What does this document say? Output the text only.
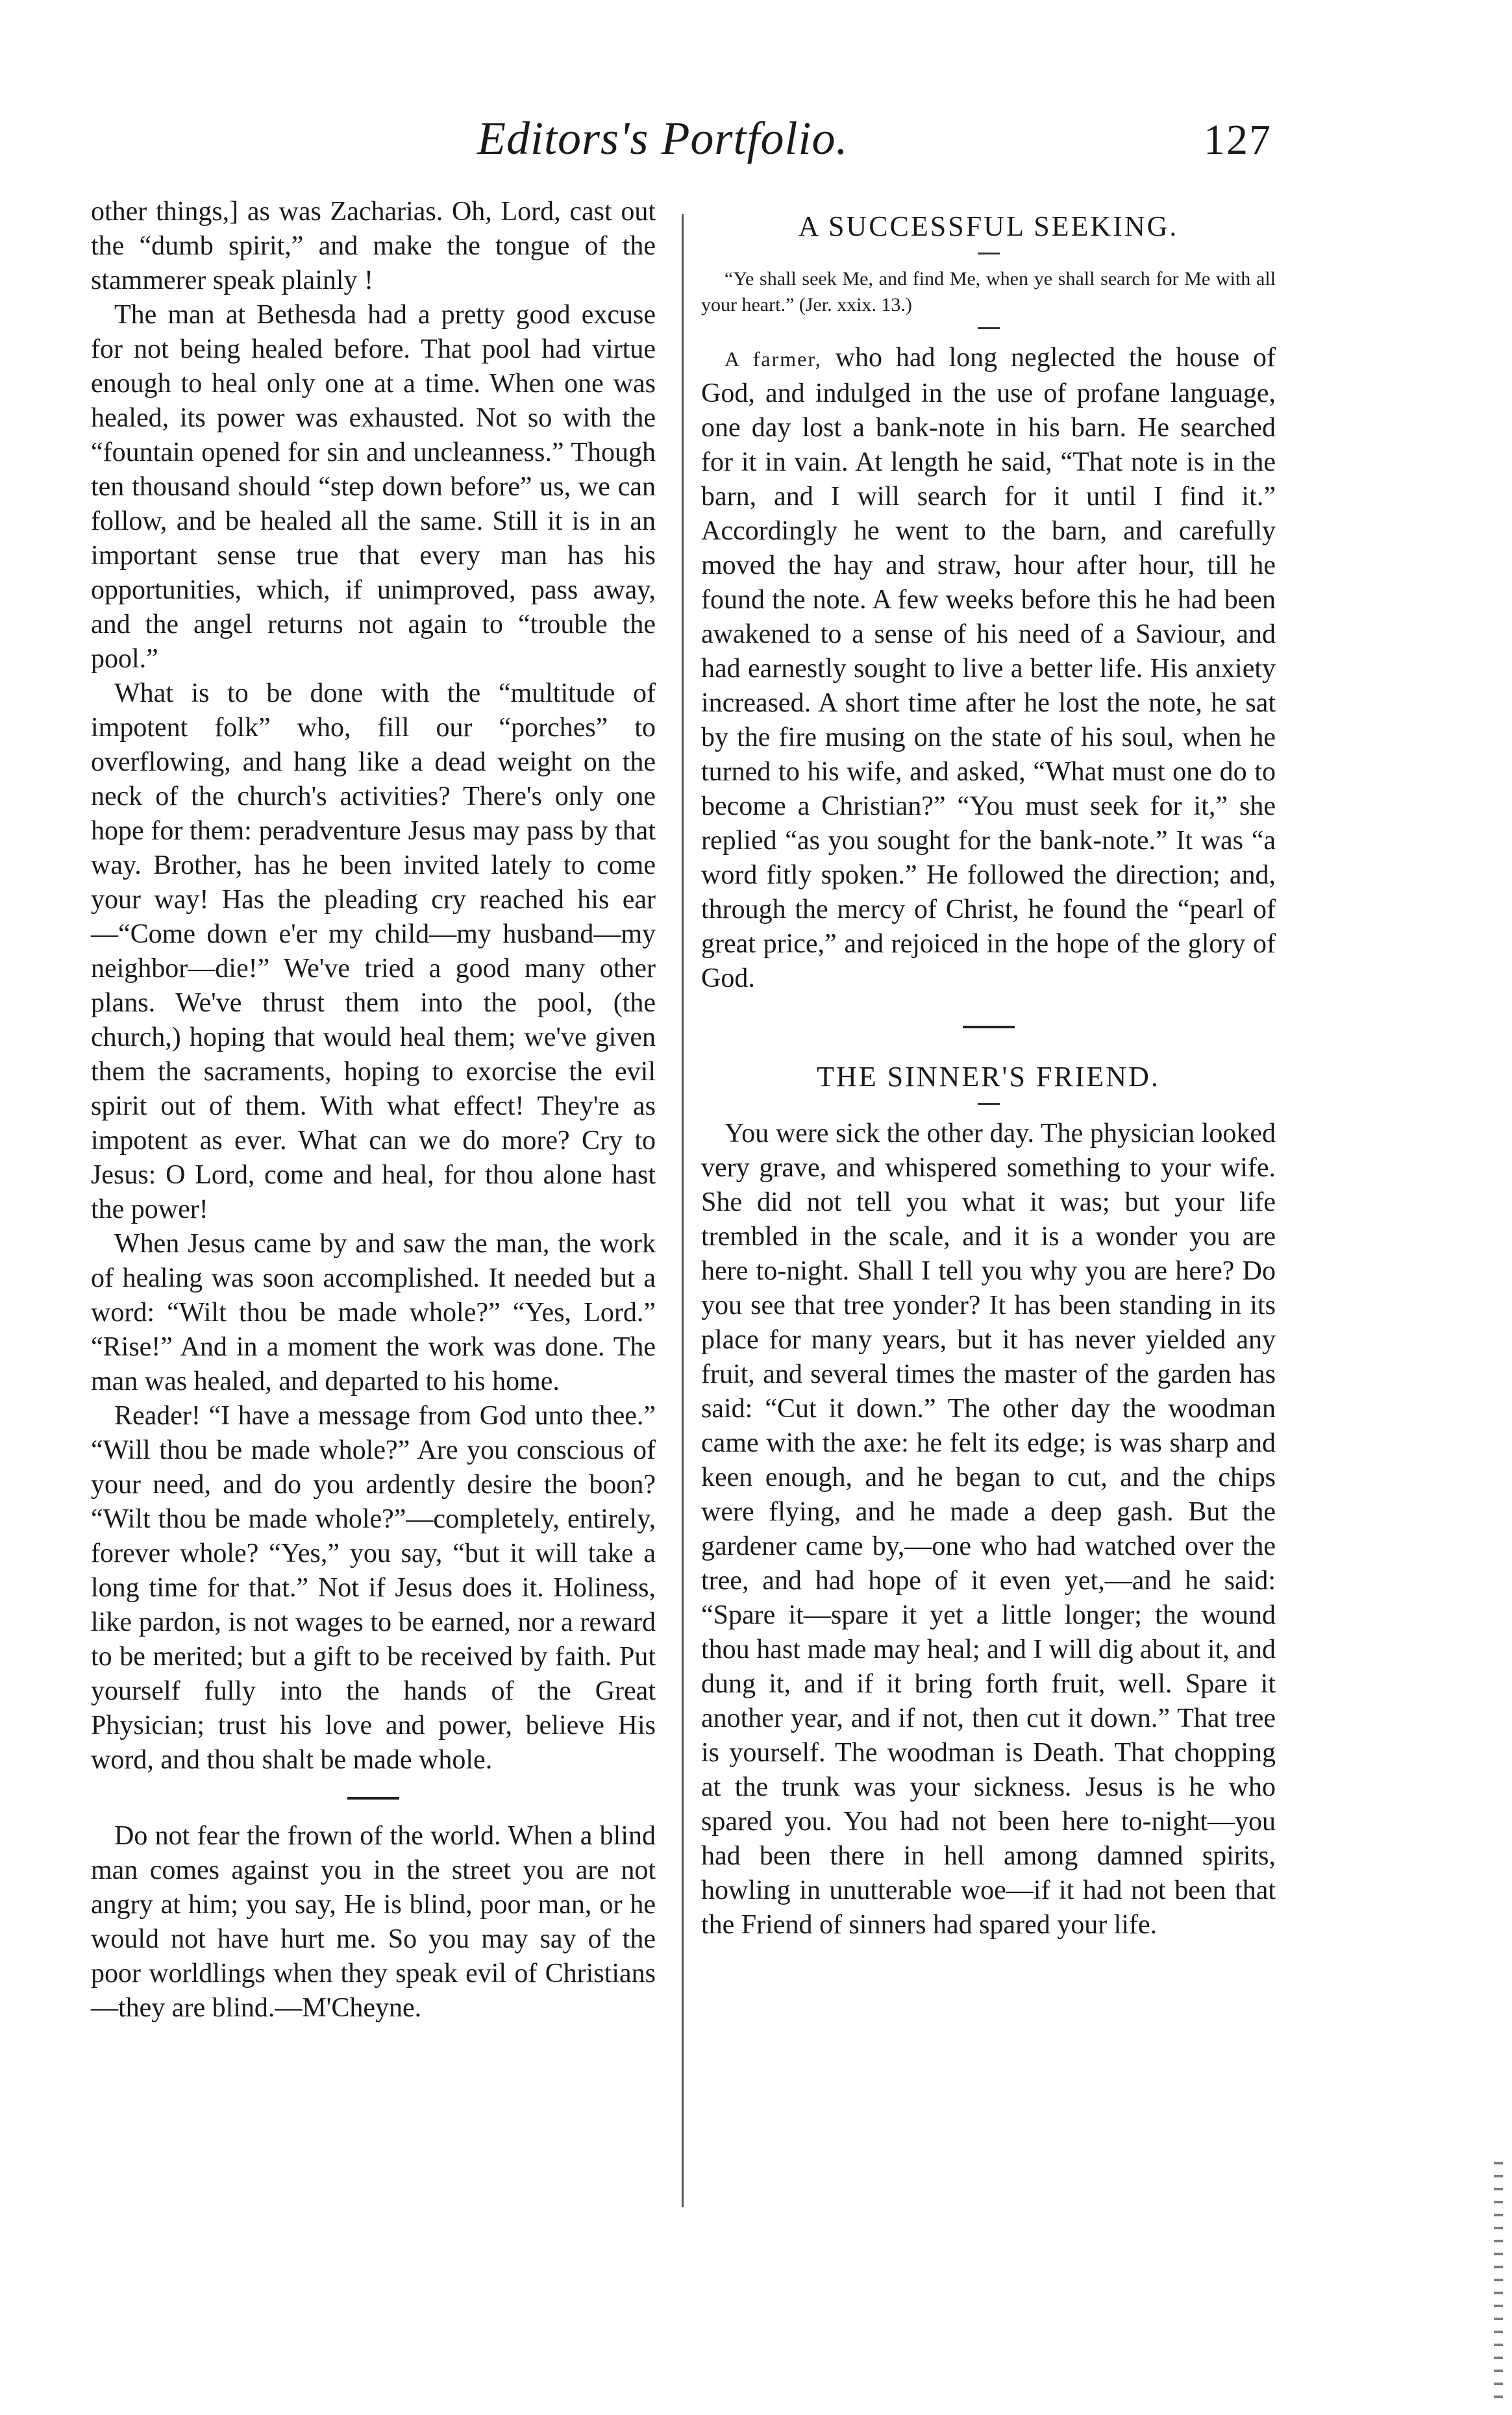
Editors's Portfolio.	127

other things,] as was Zacharias. Oh, Lord, cast out the “dumb spirit,” and make the tongue of the stammerer speak plainly !

The man at Bethesda had a pretty good excuse for not being healed before. That pool had virtue enough to heal only one at a time. When one was healed, its power was exhausted. Not so with the “fountain opened for sin and uncleanness.” Though ten thousand should “step down before” us, we can follow, and be healed all the same. Still it is in an important sense true that every man has his opportunities, which, if unimproved, pass away, and the angel returns not again to “trouble the pool.”

What is to be done with the “multitude of impotent folk” who, fill our “porches” to overflowing, and hang like a dead weight on the neck of the church's activities? There's only one hope for them: peradventure Jesus may pass by that way. Brother, has he been invited lately to come your way! Has the pleading cry reached his ear—“Come down e'er my child—my husband—my neighbor—die!” We've tried a good many other plans. We've thrust them into the pool, (the church,) hoping that would heal them; we've given them the sacraments, hoping to exorcise the evil spirit out of them. With what effect! They're as impotent as ever. What can we do more? Cry to Jesus: O Lord, come and heal, for thou alone hast the power!

When Jesus came by and saw the man, the work of healing was soon accomplished. It needed but a word: “Wilt thou be made whole?” “Yes, Lord.” “Rise!” And in a moment the work was done. The man was healed, and departed to his home.

Reader! “I have a message from God unto thee.” “Will thou be made whole?” Are you conscious of your need, and do you ardently desire the boon? “Wilt thou be made whole?”—completely, entirely, forever whole? “Yes,” you say, “but it will take a long time for that.” Not if Jesus does it. Holiness, like pardon, is not wages to be earned, nor a reward to be merited; but a gift to be received by faith. Put yourself fully into the hands of the Great Physician; trust his love and power, believe His word, and thou shalt be made whole.

Do not fear the frown of the world. When a blind man comes against you in the street you are not angry at him; you say, He is blind, poor man, or he would not have hurt me. So you may say of the poor worldlings when they speak evil of Christians—they are blind.—M'Cheyne.

A SUCCESSFUL SEEKING.

“Ye shall seek Me, and find Me, when ye shall search for Me with all your heart.” (Jer. xxix. 13.)

A farmer, who had long neglected the house of God, and indulged in the use of profane language, one day lost a bank-note in his barn. He searched for it in vain. At length he said, “That note is in the barn, and I will search for it until I find it.” Accordingly he went to the barn, and carefully moved the hay and straw, hour after hour, till he found the note. A few weeks before this he had been awakened to a sense of his need of a Saviour, and had earnestly sought to live a better life. His anxiety increased. A short time after he lost the note, he sat by the fire musing on the state of his soul, when he turned to his wife, and asked, “What must one do to become a Christian?” “You must seek for it,” she replied “as you sought for the bank-note.” It was “a word fitly spoken.” He followed the direction; and, through the mercy of Christ, he found the “pearl of great price,” and rejoiced in the hope of the glory of God.

THE SINNER'S FRIEND.

You were sick the other day. The physician looked very grave, and whispered something to your wife. She did not tell you what it was; but your life trembled in the scale, and it is a wonder you are here to-night. Shall I tell you why you are here? Do you see that tree yonder? It has been standing in its place for many years, but it has never yielded any fruit, and several times the master of the garden has said: “Cut it down.” The other day the woodman came with the axe: he felt its edge; is was sharp and keen enough, and he began to cut, and the chips were flying, and he made a deep gash. But the gardener came by,—one who had watched over the tree, and had hope of it even yet,—and he said: “Spare it—spare it yet a little longer; the wound thou hast made may heal; and I will dig about it, and dung it, and if it bring forth fruit, well. Spare it another year, and if not, then cut it down.” That tree is yourself. The woodman is Death. That chopping at the trunk was your sickness. Jesus is he who spared you. You had not been here to-night—you had been there in hell among damned spirits, howling in unutterable woe—if it had not been that the Friend of sinners had spared your life.
